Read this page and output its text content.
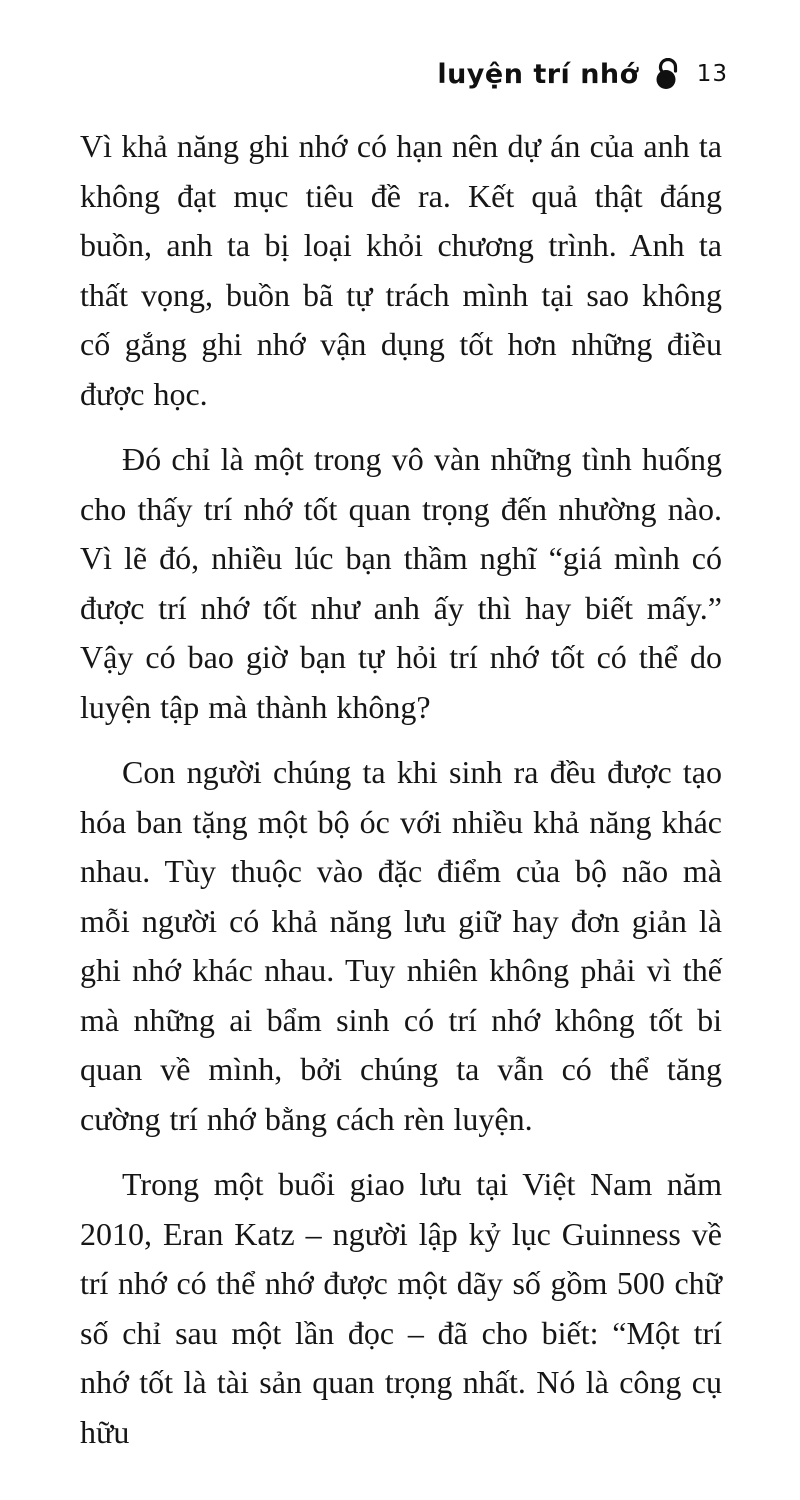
luyện trí nhớ	13

Vì khả năng ghi nhớ có hạn nên dự án của anh ta không đạt mục tiêu đề ra. Kết quả thật đáng buồn, anh ta bị loại khỏi chương trình. Anh ta thất vọng, buồn bã tự trách mình tại sao không cố gắng ghi nhớ vận dụng tốt hơn những điều được học.

Đó chỉ là một trong vô vàn những tình huống cho thấy trí nhớ tốt quan trọng đến nhường nào. Vì lẽ đó, nhiều lúc bạn thầm nghĩ “giá mình có được trí nhớ tốt như anh ấy thì hay biết mấy.” Vậy có bao giờ bạn tự hỏi trí nhớ tốt có thể do luyện tập mà thành không?

Con người chúng ta khi sinh ra đều được tạo hóa ban tặng một bộ óc với nhiều khả năng khác nhau. Tùy thuộc vào đặc điểm của bộ não mà mỗi người có khả năng lưu giữ hay đơn giản là ghi nhớ khác nhau. Tuy nhiên không phải vì thế mà những ai bẩm sinh có trí nhớ không tốt bi quan về mình, bởi chúng ta vẫn có thể tăng cường trí nhớ bằng cách rèn luyện.

Trong một buổi giao lưu tại Việt Nam năm 2010, Eran Katz – người lập kỷ lục Guinness về trí nhớ có thể nhớ được một dãy số gồm 500 chữ số chỉ sau một lần đọc – đã cho biết: “Một trí nhớ tốt là tài sản quan trọng nhất. Nó là công cụ hữu
